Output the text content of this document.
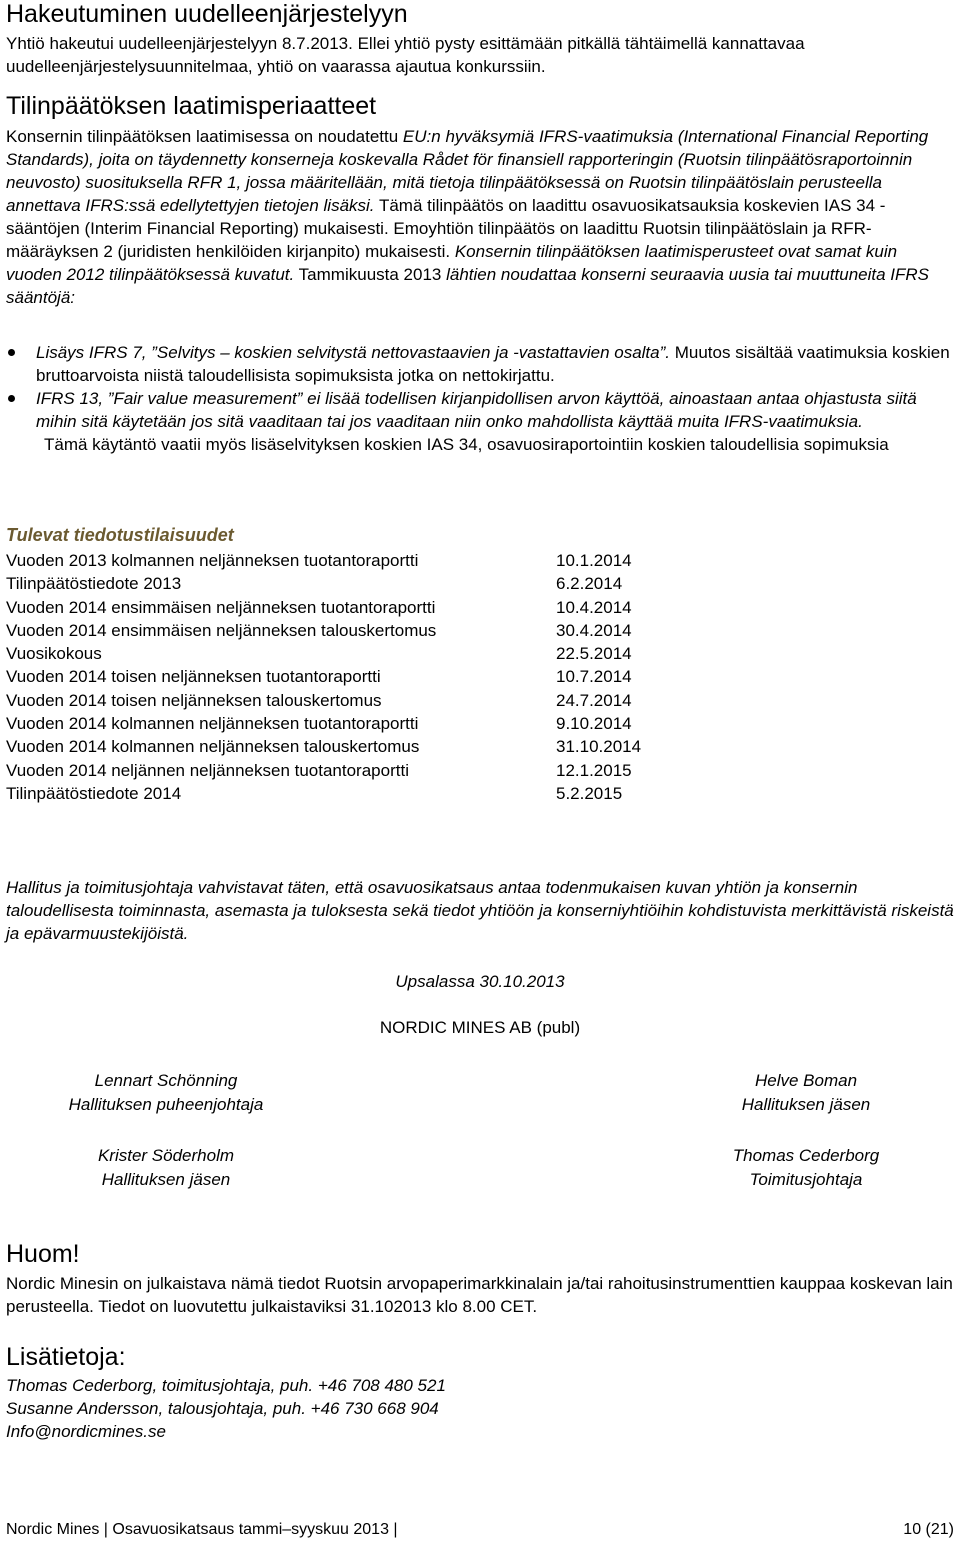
Hakeutuminen uudelleenjärjestelyyn

Yhtiö hakeutui uudelleenjärjestelyyn 8.7.2013. Ellei yhtiö pysty esittämään pitkällä tähtäimellä kannattavaa uudelleenjärjestelysuunnitelmaa, yhtiö on vaarassa ajautua konkurssiin.

Tilinpäätöksen laatimisperiaatteet

Konsernin tilinpäätöksen laatimisessa on noudatettu EU:n hyväksymiä IFRS-vaatimuksia (International Financial Reporting Standards), joita on täydennetty konserneja koskevalla Rådet för finansiell rapporteringin (Ruotsin tilinpäätösraportoinnin neuvosto) suosituksella RFR 1, jossa määritellään, mitä tietoja tilinpäätöksessä on Ruotsin tilinpäätöslain perusteella annettava IFRS:ssä edellytettyjen tietojen lisäksi. Tämä tilinpäätös on laadittu osavuosikatsauksia koskevien IAS 34 -sääntöjen (Interim Financial Reporting) mukaisesti. Emoyhtiön tilinpäätös on laadittu Ruotsin tilinpäätöslain ja RFR-määräyksen 2 (juridisten henkilöiden kirjanpito) mukaisesti. Konsernin tilinpäätöksen laatimisperusteet ovat samat kuin vuoden 2012 tilinpäätöksessä kuvatut. Tammikuusta 2013 lähtien noudattaa konserni seuraavia uusia tai muuttuneita IFRS sääntöjä:

Lisäys IFRS 7, ”Selvitys – koskien selvitystä nettovastaavien ja -vastattavien osalta”. Muutos sisältää vaatimuksia koskien bruttoarvoista niistä taloudellisista sopimuksista jotka on nettokirjattu.
IFRS 13, ”Fair value measurement” ei lisää todellisen kirjanpidollisen arvon käyttöä, ainoastaan antaa ohjastusta siitä mihin sitä käytetään jos sitä vaaditaan tai jos vaaditaan niin onko mahdollista käyttää muita IFRS-vaatimuksia.
Tämä käytäntö vaatii myös lisäselvityksen koskien IAS 34, osavuosiraportointiin koskien taloudellisia sopimuksia
Tulevat tiedotustilaisuudet
Vuoden 2013 kolmannen neljänneksen tuotantoraportti	10.1.2014
Tilinpäätöstiedote 2013	6.2.2014
Vuoden 2014 ensimmäisen neljänneksen tuotantoraportti	10.4.2014
Vuoden 2014 ensimmäisen neljänneksen talouskertomus	30.4.2014
Vuosikokous	22.5.2014
Vuoden 2014 toisen neljänneksen tuotantoraportti	10.7.2014
Vuoden 2014 toisen neljänneksen talouskertomus	24.7.2014
Vuoden 2014 kolmannen neljänneksen tuotantoraportti	9.10.2014
Vuoden 2014 kolmannen neljänneksen talouskertomus	31.10.2014
Vuoden 2014 neljännen neljänneksen tuotantoraportti	12.1.2015
Tilinpäätöstiedote 2014	5.2.2015

Hallitus ja toimitusjohtaja vahvistavat täten, että osavuosikatsaus antaa todenmukaisen kuvan yhtiön ja konsernin taloudellisesta toiminnasta, asemasta ja tuloksesta sekä tiedot yhtiöön ja konserniyhtiöihin kohdistuvista merkittävistä riskeistä ja epävarmuustekijöistä.

Upsalassa 30.10.2013
NORDIC MINES AB (publ)
Lennart Schönning
Hallituksen puheenjohtaja
Helve Boman
Hallituksen jäsen
Krister Söderholm
Hallituksen jäsen
Thomas Cederborg
Toimitusjohtaja
Huom!

Nordic Minesin on julkaistava nämä tiedot Ruotsin arvopaperimarkkinalain ja/tai rahoitusinstrumenttien kauppaa koskevan lain perusteella. Tiedot on luovutettu julkaistaviksi 31.102013 klo 8.00 CET.

Lisätietoja:
Thomas Cederborg, toimitusjohtaja, puh. +46 708 480 521
Susanne Andersson, talousjohtaja, puh. +46 730 668 904
Info@nordicmines.se
Nordic Mines | Osavuosikatsaus tammi–syyskuu 2013 |	10 (21)
